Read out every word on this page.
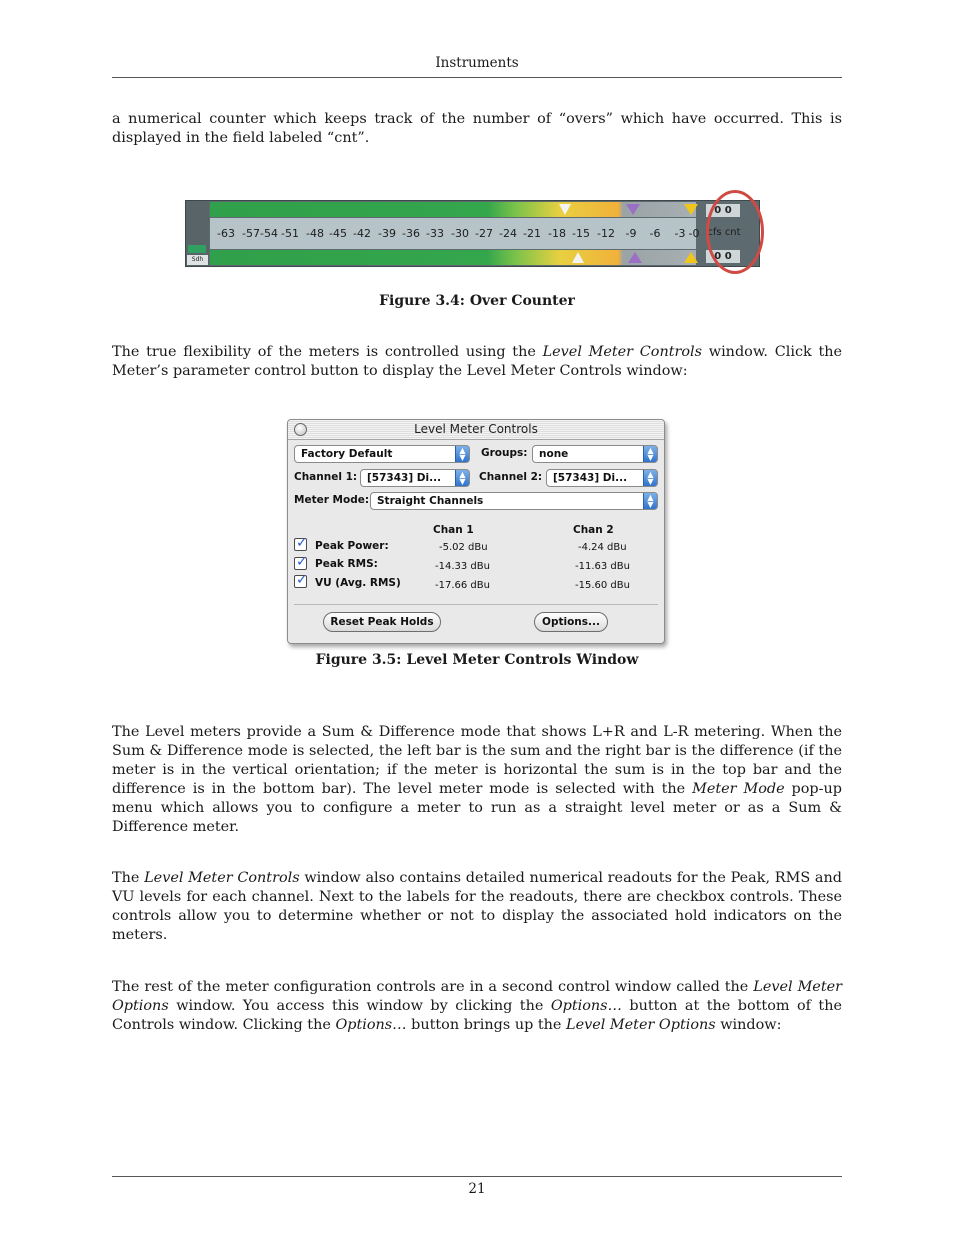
Instruments
a numerical counter which keeps track of the number of “overs” which have occurred. This is displayed in the field labeled “cnt”.
Sdh
-63 -57-54 -51 -48 -45 -42 -39 -36 -33 -30 -27 -24 -21 -18 -15 -12 -9 -6 -3 -0
0 0
cfs cnt
0 0
Figure 3.4: Over Counter
The true flexibility of the meters is controlled using the Level Meter Controls window. Click the Meter’s parameter control button to display the Level Meter Controls window:
Level Meter Controls
Factory Default	▲
▼	Groups:	none	▲
▼
Channel 1: [57343] Di...	▲
▼	Channel 2:	[57343] Di...	▲
▼
Meter Mode: Straight Channels	▲
▼
Chan 1	Chan 2
✓ Peak Power:	-5.02 dBu	-4.24 dBu
✓ Peak RMS:	-14.33 dBu	-11.63 dBu
✓ VU (Avg. RMS)	-17.66 dBu	-15.60 dBu
Reset Peak Holds	Options...
Figure 3.5: Level Meter Controls Window
The Level meters provide a Sum & Difference mode that shows L+R and L-R metering. When the Sum & Difference mode is selected, the left bar is the sum and the right bar is the difference (if the meter is in the vertical orientation; if the meter is horizontal the sum is in the top bar and the difference is in the bottom bar). The level meter mode is selected with the Meter Mode pop-up menu which allows you to configure a meter to run as a straight level meter or as a Sum & Difference meter.
The Level Meter Controls window also contains detailed numerical readouts for the Peak, RMS and VU levels for each channel. Next to the labels for the readouts, there are checkbox controls. These controls allow you to determine whether or not to display the associated hold indicators on the meters.
The rest of the meter configuration controls are in a second control window called the Level Meter Options window. You access this window by clicking the Options… button at the bottom of the Controls window. Clicking the Options… button brings up the Level Meter Options window:
21
